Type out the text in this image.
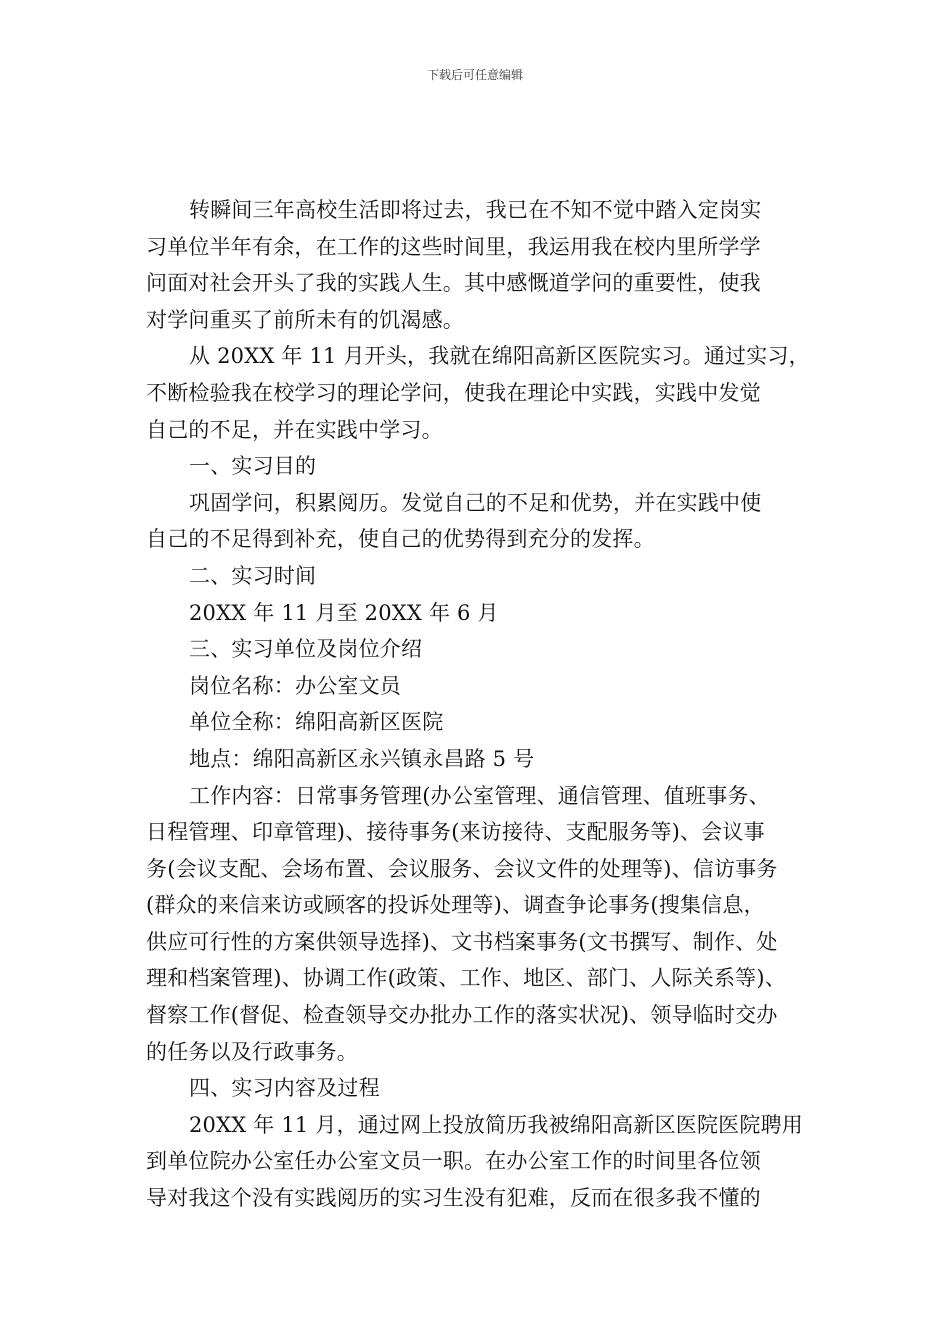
下载后可任意编辑
转瞬间三年高校生活即将过去，我已在不知不觉中踏入定岗实
习单位半年有余，在工作的这些时间里，我运用我在校内里所学学
问面对社会开头了我的实践人生。其中感慨道学问的重要性，使我
对学问重买了前所未有的饥渴感。
从 20XX 年 11 月开头，我就在绵阳高新区医院实习。通过实习，
不断检验我在校学习的理论学问，使我在理论中实践，实践中发觉
自己的不足，并在实践中学习。
一、实习目的
巩固学问，积累阅历。发觉自己的不足和优势，并在实践中使
自己的不足得到补充，使自己的优势得到充分的发挥。
二、实习时间
20XX 年 11 月至 20XX 年 6 月
三、实习单位及岗位介绍
岗位名称：办公室文员
单位全称：绵阳高新区医院
地点：绵阳高新区永兴镇永昌路 5 号
工作内容：日常事务管理(办公室管理、通信管理、值班事务、
日程管理、印章管理)、接待事务(来访接待、支配服务等)、会议事
务(会议支配、会场布置、会议服务、会议文件的处理等)、信访事务
(群众的来信来访或顾客的投诉处理等)、调查争论事务(搜集信息，
供应可行性的方案供领导选择)、文书档案事务(文书撰写、制作、处
理和档案管理)、协调工作(政策、工作、地区、部门、人际关系等)、
督察工作(督促、检查领导交办批办工作的落实状况)、领导临时交办
的任务以及行政事务。
四、实习内容及过程
20XX 年 11 月，通过网上投放简历我被绵阳高新区医院医院聘用
到单位院办公室任办公室文员一职。在办公室工作的时间里各位领
导对我这个没有实践阅历的实习生没有犯难，反而在很多我不懂的
